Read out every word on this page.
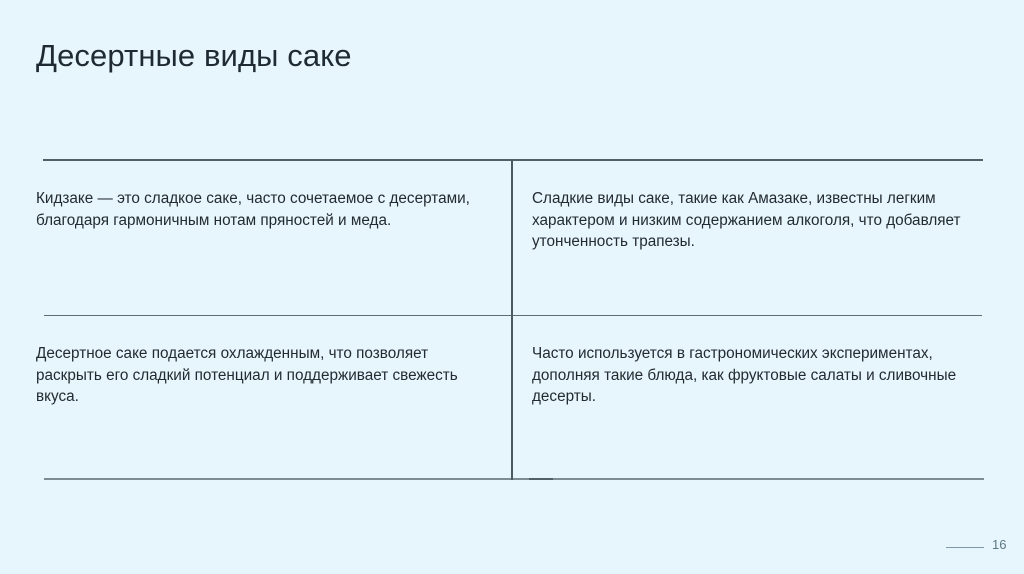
Десертные виды саке

Кидзаке — это сладкое саке, часто сочетаемое с десертами, благодаря гармоничным нотам пряностей и меда.

Сладкие виды саке, такие как Амазаке, известны легким характером и низким содержанием алкоголя, что добавляет утонченность трапезы.

Десертное саке подается охлажденным, что позволяет раскрыть его сладкий потенциал и поддерживает свежесть вкуса.

Часто используется в гастрономических экспериментах, дополняя такие блюда, как фруктовые салаты и сливочные десерты.

16
